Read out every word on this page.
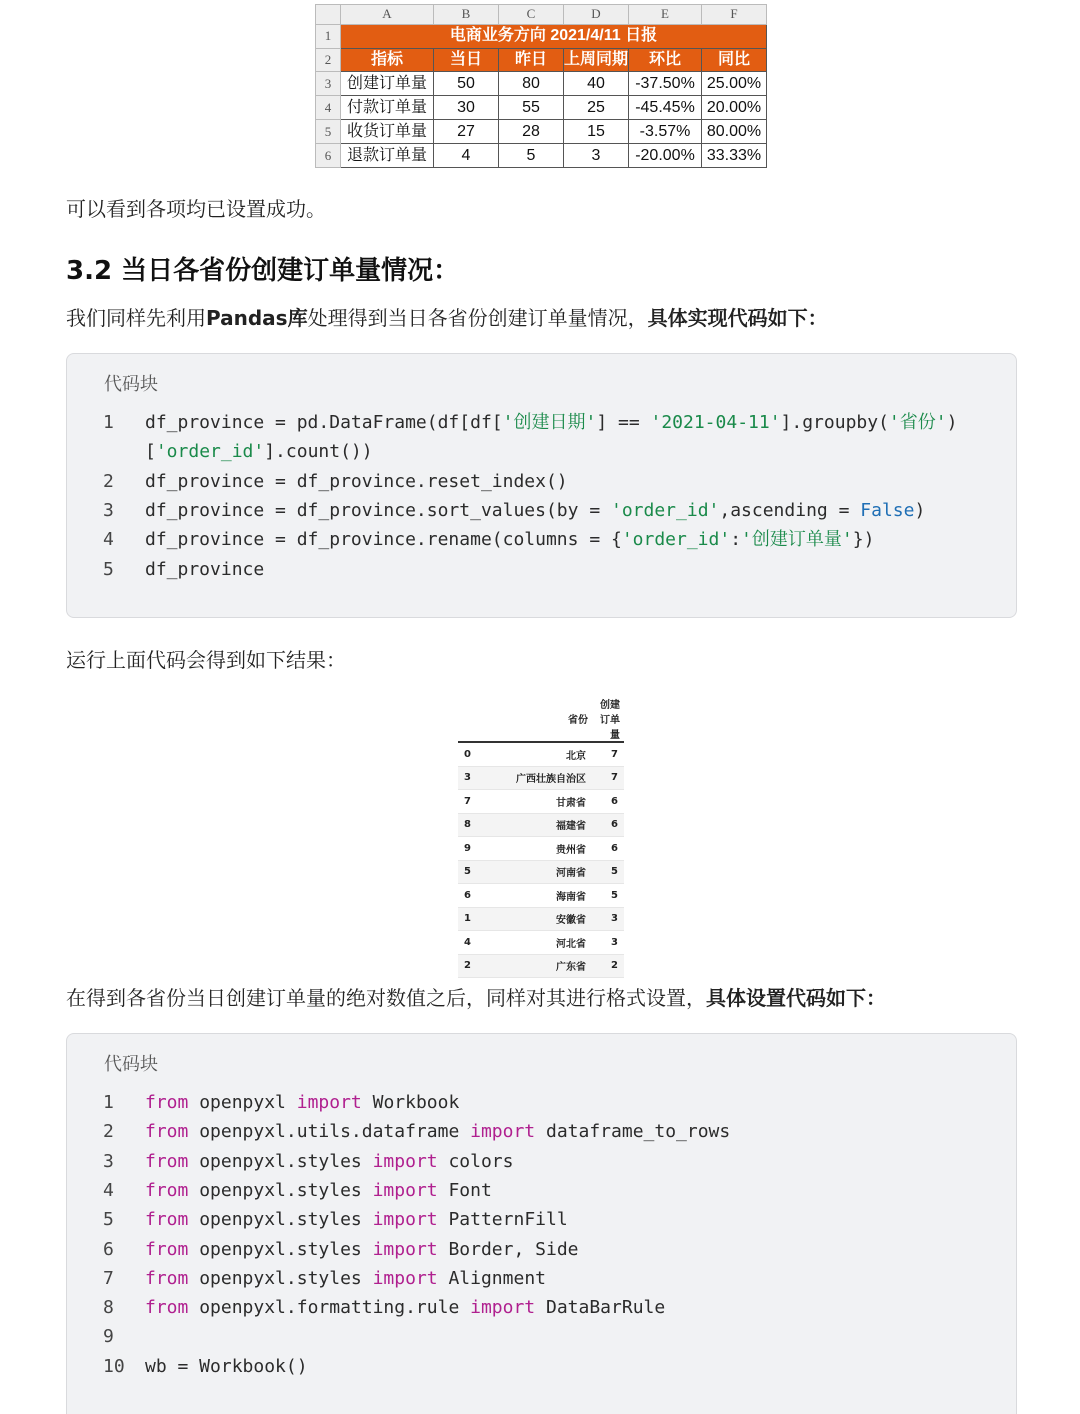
	A	B	C	D	E	F
1	电商业务方向 2021/4/11 日报					
2	指标	当日	昨日	上周同期	环比	同比
3	创建订单量	50	80	40	-37.50%	25.00%
4	付款订单量	30	55	25	-45.45%	20.00%
5	收货订单量	27	28	15	-3.57%	80.00%
6	退款订单量	4	5	3	-20.00%	33.33%
可以看到各项均已设置成功。
3.2 当日各省份创建订单量情况：
我们同样先利用Pandas库处理得到当日各省份创建订单量情况，具体实现代码如下：
代码块
1	df_province = pd.DataFrame(df[df['创建日期'] == '2021-04-11'].groupby('省份')
['order_id'].count())
2	df_province = df_province.reset_index()
3	df_province = df_province.sort_values(by = 'order_id',ascending = False)
4	df_province = df_province.rename(columns = {'order_id':'创建订单量'})
5	df_province
运行上面代码会得到如下结果：
	省份	创建订单量
0	北京	7
3	广西壮族自治区	7
7	甘肃省	6
8	福建省	6
9	贵州省	6
5	河南省	5
6	海南省	5
1	安徽省	3
4	河北省	3
2	广东省	2
在得到各省份当日创建订单量的绝对数值之后，同样对其进行格式设置，具体设置代码如下：
代码块
1	from openpyxl import Workbook
2	from openpyxl.utils.dataframe import dataframe_to_rows
3	from openpyxl.styles import colors
4	from openpyxl.styles import Font
5	from openpyxl.styles import PatternFill
6	from openpyxl.styles import Border, Side
7	from openpyxl.styles import Alignment
8	from openpyxl.formatting.rule import DataBarRule
9
10	wb = Workbook()
